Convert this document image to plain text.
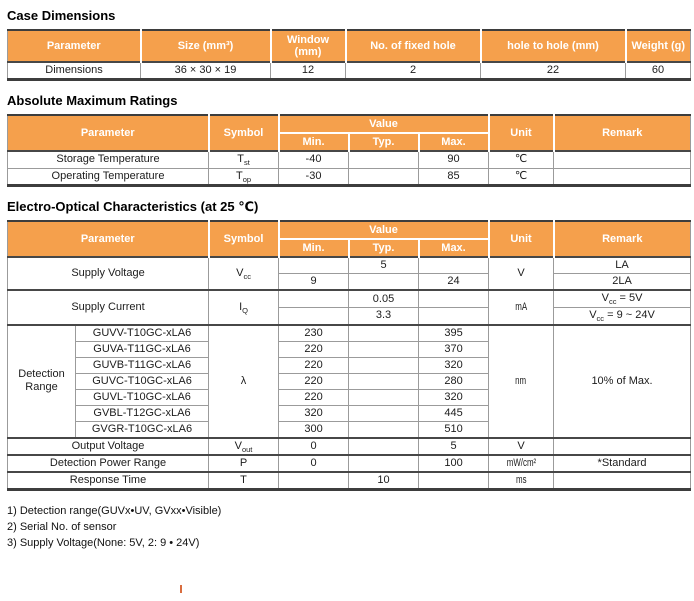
Case Dimensions
Parameter	Size (mm³)	Window (mm)	No. of fixed hole	hole to hole (mm)	Weight (g)
Dimensions	36 × 30 × 19	12	2	22	60
Absolute Maximum Ratings
Parameter	Symbol	Value			Unit	Remark
		Min.	Typ.	Max.		
Storage Temperature	$T_{st}$	-40		90	℃	
Operating Temperature	$T_{op}$	-30		85	℃	
Electro-Optical Characteristics (at 25 ℃)
Parameter		Symbol	Value			Unit	Remark
			Min.	Typ.	Max.		
Supply Voltage		$V_{cc}$		5		V	LA
			9		24		2LA
Supply Current		$I_Q$		0.05		mA	$V_{cc} = 5V$
				3.3			$V_{cc} = 9$ ~ 24V
Detection Range	GUVV-T10GC-xLA6	λ	230		395	nm	10% of Max.
	GUVA-T11GC-xLA6		220		370		
	GUVB-T11GC-xLA6		220		320		
	GUVC-T10GC-xLA6		220		280		
	GUVL-T10GC-xLA6		220		320		
	GVBL-T12GC-xLA6		320		445		
	GVGR-T10GC-xLA6		300		510		
Output Voltage		$V_{out}$	0		5	V	
Detection Power Range		P	0		100	mW/cm²	*Standard
Response Time		T		10		ms	
1) Detection range(GUVx•UV, GVxx•Visible)
2) Serial No. of sensor
3) Supply Voltage(None: 5V, 2: 9 • 24V)
